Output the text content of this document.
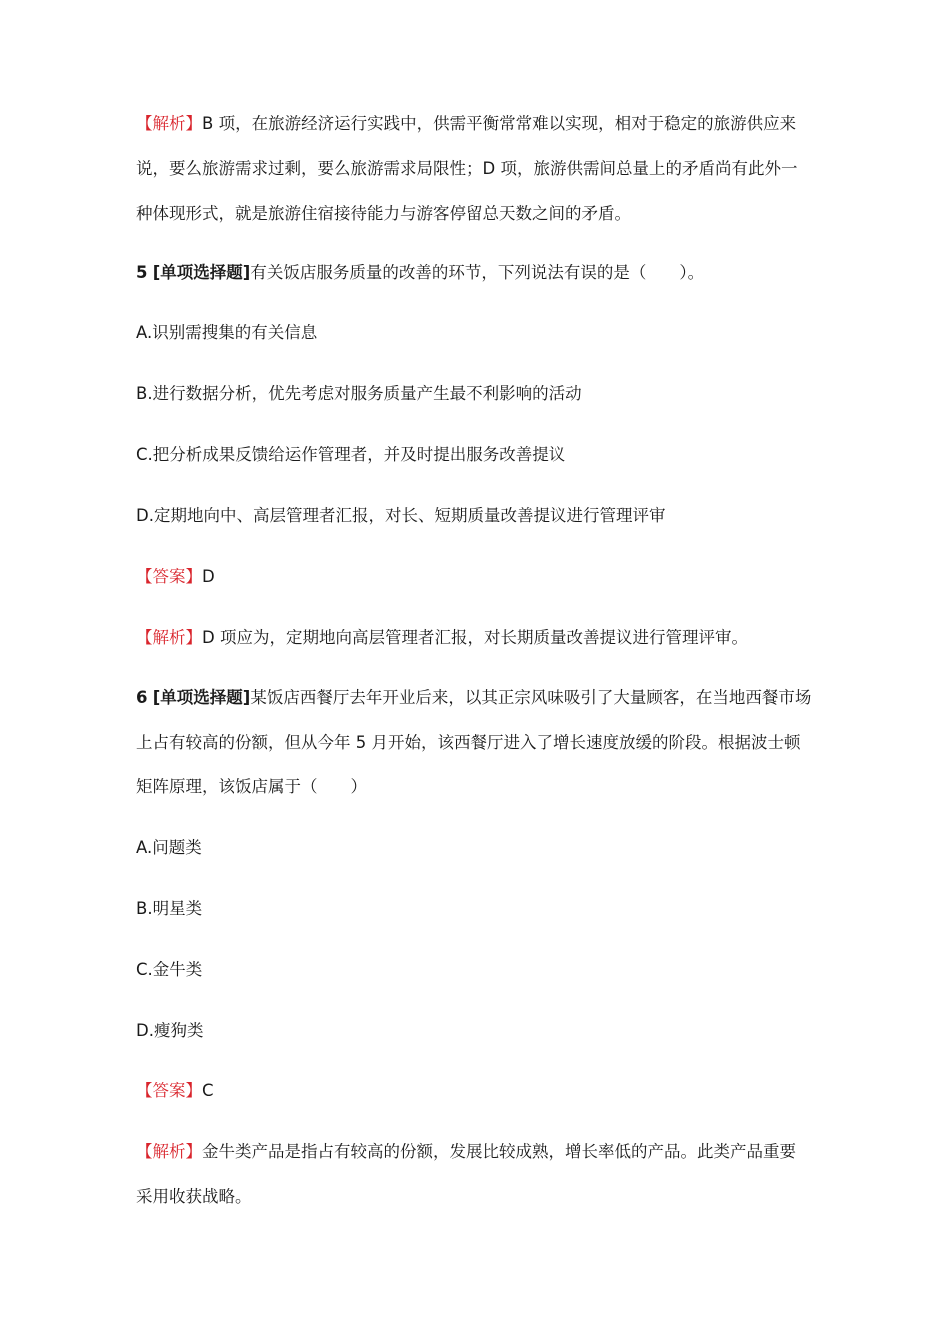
【解析】B 项，在旅游经济运行实践中，供需平衡常常难以实现，相对于稳定的旅游供应来
说，要么旅游需求过剩，要么旅游需求局限性；D 项，旅游供需间总量上的矛盾尚有此外一
种体现形式，就是旅游住宿接待能力与游客停留总天数之间的矛盾。
5 [单项选择题]有关饭店服务质量的改善的环节，下列说法有误的是（　　）。
A.识别需搜集的有关信息
B.进行数据分析，优先考虑对服务质量产生最不利影响的活动
C.把分析成果反馈给运作管理者，并及时提出服务改善提议
D.定期地向中、高层管理者汇报，对长、短期质量改善提议进行管理评审
【答案】D
【解析】D 项应为，定期地向高层管理者汇报，对长期质量改善提议进行管理评审。
6 [单项选择题]某饭店西餐厅去年开业后来，以其正宗风味吸引了大量顾客，在当地西餐市场
上占有较高的份额，但从今年 5 月开始，该西餐厅进入了增长速度放缓的阶段。根据波士顿
矩阵原理，该饭店属于（　　）
A.问题类
B.明星类
C.金牛类
D.瘦狗类
【答案】C
【解析】金牛类产品是指占有较高的份额，发展比较成熟，增长率低的产品。此类产品重要
采用收获战略。
